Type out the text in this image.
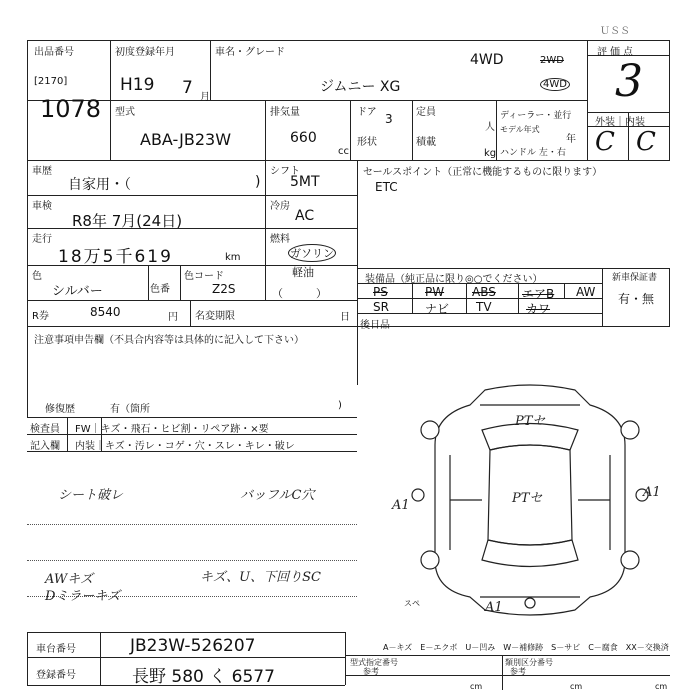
ＵＳＳ
出品番号
[2170]
1078
初度登録年月
H19 7 月
車名・グレード	4WD	2WD
4WD
ジムニー XG
評価点
3
外装｜内装
C C
型式
ABA-JB23W
排気量
660
cc
ドア 3
形状
定員
人
積載
kg
ディーラー・並行
モデル年式
年
ハンドル 左・右
車歴
自家用・（	)
シフト
5MT
セールスポイント（正常に機能するものに限ります）
ETC
車検
R8年 7月(24日)
冷房
AC
走行
18万5千619	km
燃料
ガソリン
軽油
（　　　）
色
シルバー	色番
色コード
Z2S
R券	8540	円 名変期限	日
装備品（純正品に限り◎○でください）	新車保証書
有・無
PS	PW ABS エアB AW
SR	ナビ TV	カワ
後日品
注意事項申告欄（不具合内容等は具体的に記入して下さい）
修復歴	有（箇所	)
検査員 FW｜キズ・飛石・ヒビ割・リペア跡・×要
記入欄 内装｜キズ・汚レ・コゲ・穴・スレ・キレ・破レ
シート破レ	バッフルC穴
AWキズ	キズ、U、下回りSC
Dミラーキズ
PTセ
PTセ
A1
A1
A1
スペ
A－キズ　E－エクボ　U－凹み　W－補修跡　S－サビ　C－腐食　XX－交換済
車台番号	JB23W-526207
登録番号	長野 580 く 6577
型式指定番号
参考
類別区分番号
参考
cm	cm	cm
